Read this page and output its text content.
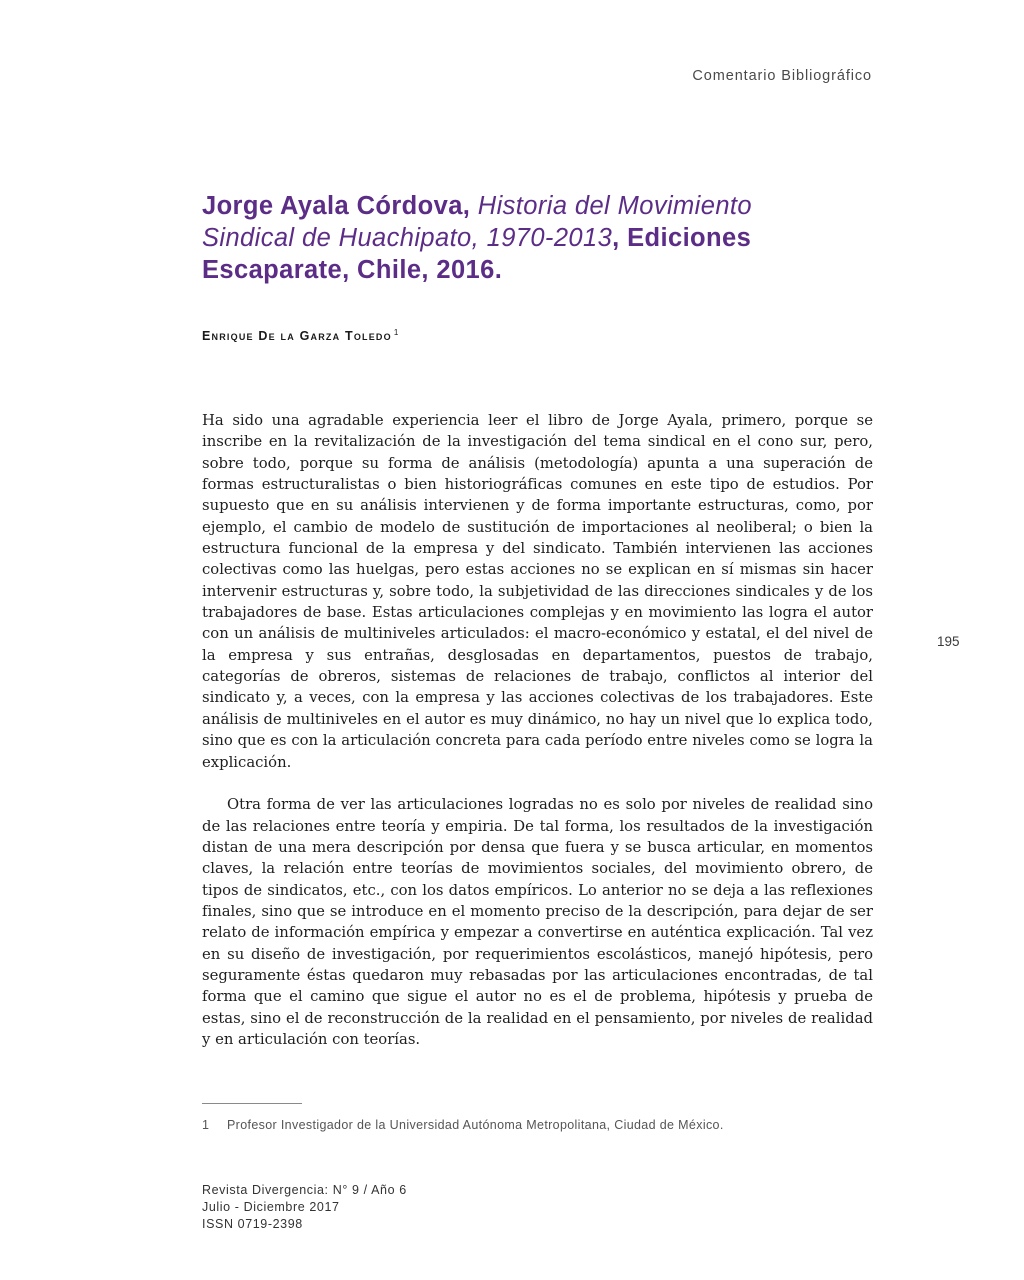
Comentario Bibliográfico
Jorge Ayala Córdova, Historia del Movimiento Sindical de Huachipato, 1970-2013, Ediciones Escaparate, Chile, 2016.
Enrique De la Garza Toledo $^1$

Ha sido una agradable experiencia leer el libro de Jorge Ayala, primero, porque se inscribe en la revitalización de la investigación del tema sindical en el cono sur, pero, sobre todo, porque su forma de análisis (metodología) apunta a una superación de formas estructuralistas o bien historiográficas comunes en este tipo de estudios. Por supuesto que en su análisis intervienen y de forma importante estructuras, como, por ejemplo, el cambio de modelo de sustitución de importaciones al neoliberal; o bien la estructura funcional de la empresa y del sindicato. También intervienen las acciones colectivas como las huelgas, pero estas acciones no se explican en sí mismas sin hacer intervenir estructuras y, sobre todo, la subjetividad de las direcciones sindicales y de los trabajadores de base. Estas articulaciones complejas y en movimiento las logra el autor con un análisis de multiniveles articulados: el macro-económico y estatal, el del nivel de la empresa y sus entrañas, desglosadas en departamentos, puestos de trabajo, categorías de obreros, sistemas de relaciones de trabajo, conflictos al interior del sindicato y, a veces, con la empresa y las acciones colectivas de los trabajadores. Este análisis de multiniveles en el autor es muy dinámico, no hay un nivel que lo explica todo, sino que es con la articulación concreta para cada período entre niveles como se logra la explicación.

Otra forma de ver las articulaciones logradas no es solo por niveles de realidad sino de las relaciones entre teoría y empiria. De tal forma, los resultados de la investigación distan de una mera descripción por densa que fuera y se busca articular, en momentos claves, la relación entre teorías de movimientos sociales, del movimiento obrero, de tipos de sindicatos, etc., con los datos empíricos. Lo anterior no se deja a las reflexiones finales, sino que se introduce en el momento preciso de la descripción, para dejar de ser relato de información empírica y empezar a convertirse en auténtica explicación. Tal vez en su diseño de investigación, por requerimientos escolásticos, manejó hipótesis, pero seguramente éstas quedaron muy rebasadas por las articulaciones encontradas, de tal forma que el camino que sigue el autor no es el de problema, hipótesis y prueba de estas, sino el de reconstrucción de la realidad en el pensamiento, por niveles de realidad y en articulación con teorías.

195
1 Profesor Investigador de la Universidad Autónoma Metropolitana, Ciudad de México.
Revista Divergencia: N° 9 / Año 6
Julio - Diciembre 2017
ISSN 0719-2398
